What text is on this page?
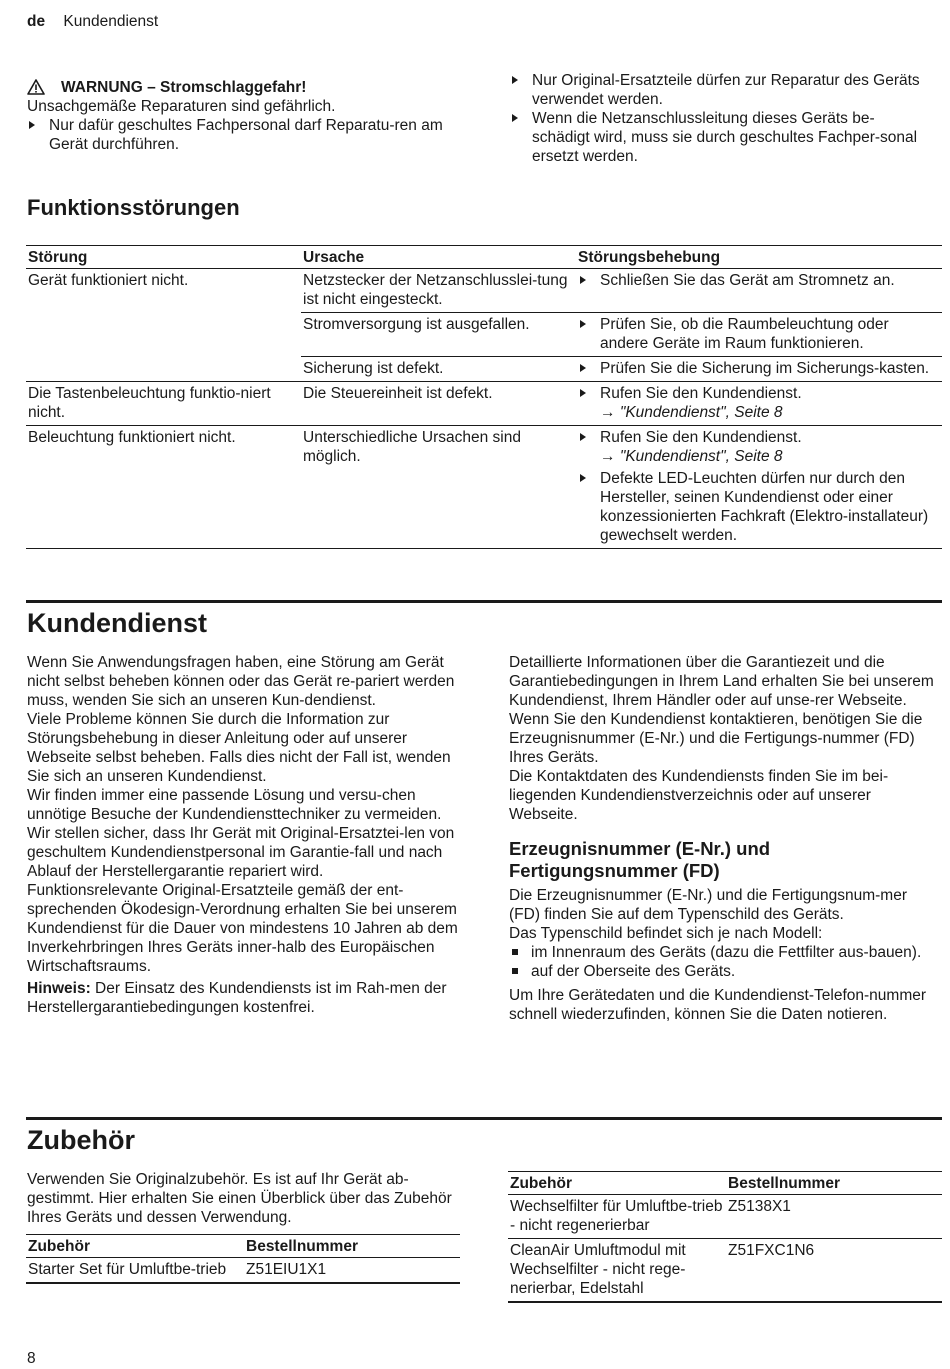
de Kundendienst
WARNUNG – Stromschlaggefahr!

Unsachgemäße Reparaturen sind gefährlich.

Nur dafür geschultes Fachpersonal darf Reparatu-ren am Gerät durchführen.

Nur Original-Ersatzteile dürfen zur Reparatur des Geräts verwendet werden.

Wenn die Netzanschlussleitung dieses Geräts be-schädigt wird, muss sie durch geschultes Fachper-sonal ersetzt werden.

Funktionsstörungen
Störung	Ursache	Störungsbehebung
Gerät funktioniert nicht.	Netzstecker der Netzanschlusslei-tung ist nicht eingesteckt.	Schließen Sie das Gerät am Stromnetz an.

	Stromversorgung ist ausgefallen.	Prüfen Sie, ob die Raumbeleuchtung oder andere Geräte im Raum funktionieren.

	Sicherung ist defekt.	Prüfen Sie die Sicherung im Sicherungs-kasten.

Die Tastenbeleuchtung funktio-niert nicht.	Die Steuereinheit ist defekt.	Rufen Sie den Kundendienst.

→ "Kundendienst", Seite 8

Beleuchtung funktioniert nicht.	Unterschiedliche Ursachen sind möglich.	Rufen Sie den Kundendienst.

→ "Kundendienst", Seite 8

Defekte LED-Leuchten dürfen nur durch den Hersteller, seinen Kundendienst oder einer konzessionierten Fachkraft (Elektro-installateur) gewechselt werden.

Kundendienst

Wenn Sie Anwendungsfragen haben, eine Störung am Gerät nicht selbst beheben können oder das Gerät re-pariert werden muss, wenden Sie sich an unseren Kun-dendienst.

Viele Probleme können Sie durch die Information zur Störungsbehebung in dieser Anleitung oder auf unserer Webseite selbst beheben. Falls dies nicht der Fall ist, wenden Sie sich an unseren Kundendienst.

Wir finden immer eine passende Lösung und versu-chen unnötige Besuche der Kundendiensttechniker zu vermeiden.

Wir stellen sicher, dass Ihr Gerät mit Original-Ersatztei-len von geschultem Kundendienstpersonal im Garantie-fall und nach Ablauf der Herstellergarantie repariert wird.

Funktionsrelevante Original-Ersatzteile gemäß der ent-sprechenden Ökodesign-Verordnung erhalten Sie bei unserem Kundendienst für die Dauer von mindestens 10 Jahren ab dem Inverkehrbringen Ihres Geräts inner-halb des Europäischen Wirtschaftsraums.

Hinweis: Der Einsatz des Kundendiensts ist im Rah-men der Herstellergarantiebedingungen kostenfrei.

Detaillierte Informationen über die Garantiezeit und die Garantiebedingungen in Ihrem Land erhalten Sie bei unserem Kundendienst, Ihrem Händler oder auf unse-rer Webseite.

Wenn Sie den Kundendienst kontaktieren, benötigen Sie die Erzeugnisnummer (E-Nr.) und die Fertigungs-nummer (FD) Ihres Geräts.

Die Kontaktdaten des Kundendiensts finden Sie im bei-liegenden Kundendienstverzeichnis oder auf unserer Webseite.

Erzeugnisnummer (E-Nr.) und Fertigungsnummer (FD)

Die Erzeugnisnummer (E-Nr.) und die Fertigungsnum-mer (FD) finden Sie auf dem Typenschild des Geräts.

Das Typenschild befindet sich je nach Modell:

im Innenraum des Geräts (dazu die Fettfilter aus-bauen).

auf der Oberseite des Geräts.

Um Ihre Gerätedaten und die Kundendienst-Telefon-nummer schnell wiederzufinden, können Sie die Daten notieren.

Zubehör

Verwenden Sie Originalzubehör. Es ist auf Ihr Gerät ab-gestimmt. Hier erhalten Sie einen Überblick über das Zubehör Ihres Geräts und dessen Verwendung.

Zubehör	Bestellnummer
Starter Set für Umluftbe-trieb	Z51EIU1X1
Zubehör	Bestellnummer
Wechselfilter für Umluftbe-trieb - nicht regenerierbar	Z5138X1
CleanAir Umluftmodul mit Wechselfilter - nicht rege-nerierbar, Edelstahl	Z51FXC1N6
8
